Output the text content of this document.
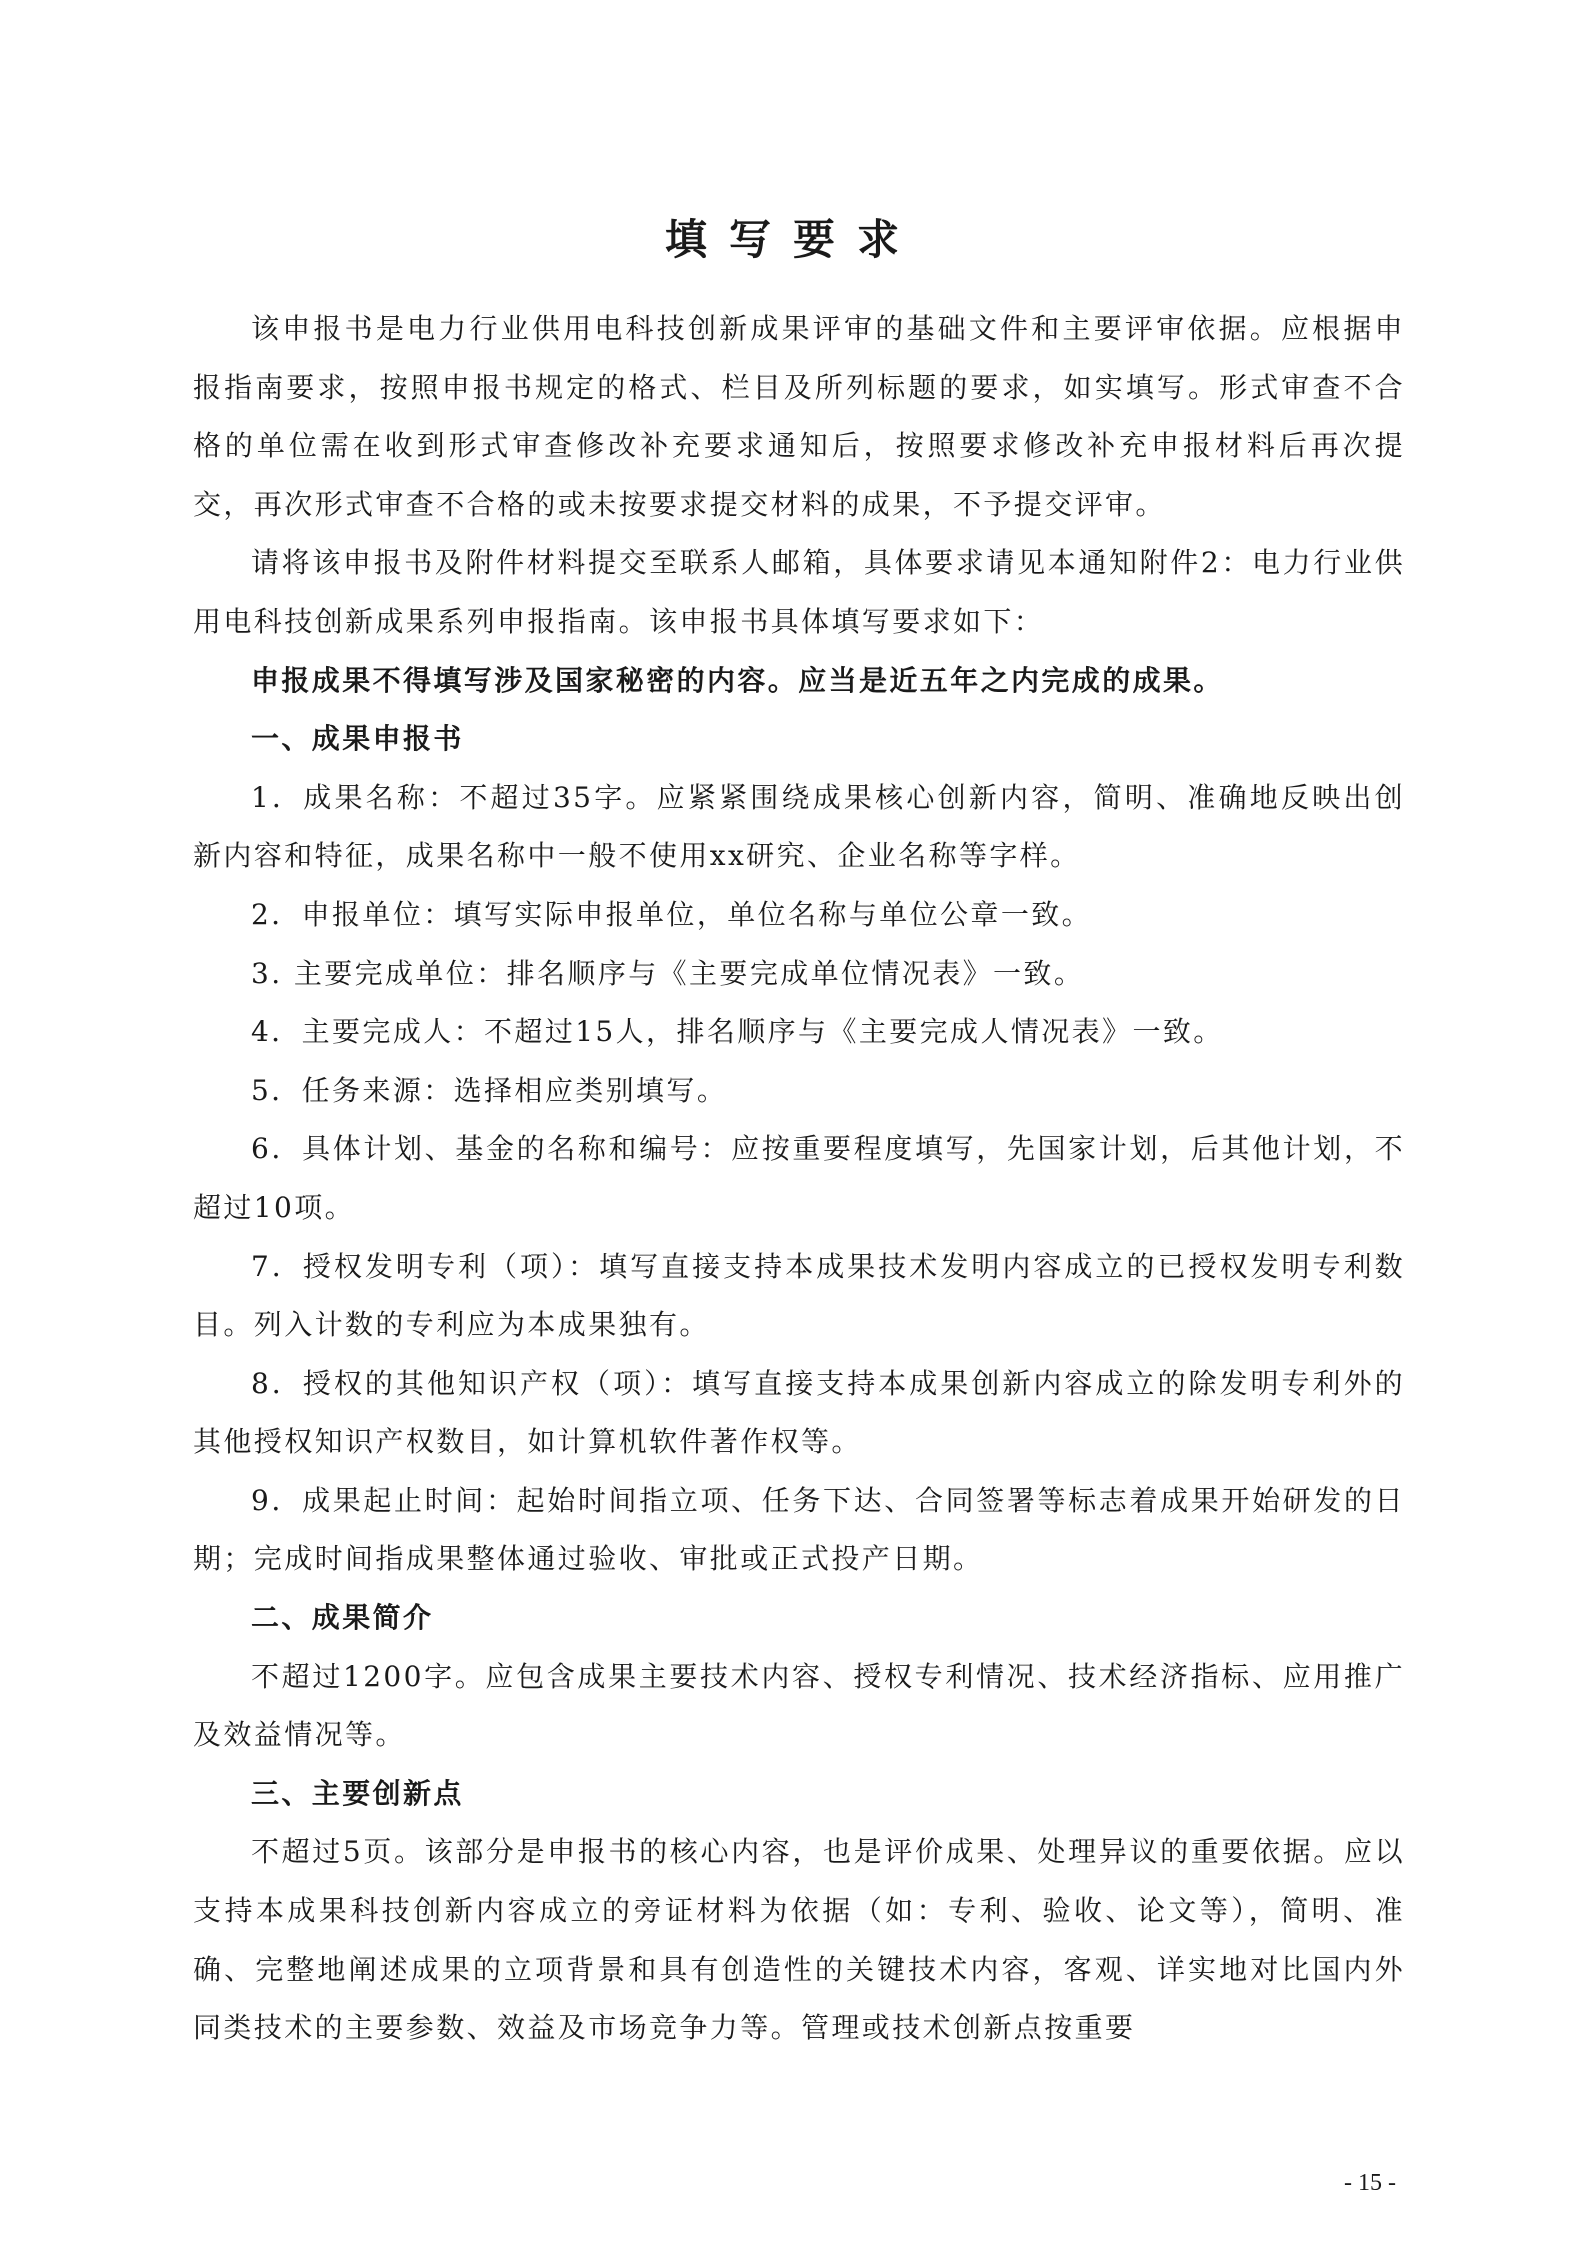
填写要求

该申报书是电力行业供用电科技创新成果评审的基础文件和主要评审依据。应根据申报指南要求，按照申报书规定的格式、栏目及所列标题的要求，如实填写。形式审查不合格的单位需在收到形式审查修改补充要求通知后，按照要求修改补充申报材料后再次提交，再次形式审查不合格的或未按要求提交材料的成果，不予提交评审。

请将该申报书及附件材料提交至联系人邮箱，具体要求请见本通知附件2：电力行业供用电科技创新成果系列申报指南。该申报书具体填写要求如下：

申报成果不得填写涉及国家秘密的内容。应当是近五年之内完成的成果。

一、成果申报书

1．成果名称：不超过35字。应紧紧围绕成果核心创新内容，简明、准确地反映出创新内容和特征，成果名称中一般不使用xx研究、企业名称等字样。

2．申报单位：填写实际申报单位，单位名称与单位公章一致。

3. 主要完成单位：排名顺序与《主要完成单位情况表》一致。

4．主要完成人：不超过15人，排名顺序与《主要完成人情况表》一致。

5．任务来源：选择相应类别填写。

6．具体计划、基金的名称和编号：应按重要程度填写，先国家计划，后其他计划，不超过10项。

7．授权发明专利（项）：填写直接支持本成果技术发明内容成立的已授权发明专利数目。列入计数的专利应为本成果独有。

8．授权的其他知识产权（项）：填写直接支持本成果创新内容成立的除发明专利外的其他授权知识产权数目，如计算机软件著作权等。

9．成果起止时间：起始时间指立项、任务下达、合同签署等标志着成果开始研发的日期；完成时间指成果整体通过验收、审批或正式投产日期。

二、成果简介

不超过1200字。应包含成果主要技术内容、授权专利情况、技术经济指标、应用推广及效益情况等。

三、主要创新点

不超过5页。该部分是申报书的核心内容，也是评价成果、处理异议的重要依据。应以支持本成果科技创新内容成立的旁证材料为依据（如：专利、验收、论文等），简明、准确、完整地阐述成果的立项背景和具有创造性的关键技术内容，客观、详实地对比国内外同类技术的主要参数、效益及市场竞争力等。管理或技术创新点按重要

- 15 -
